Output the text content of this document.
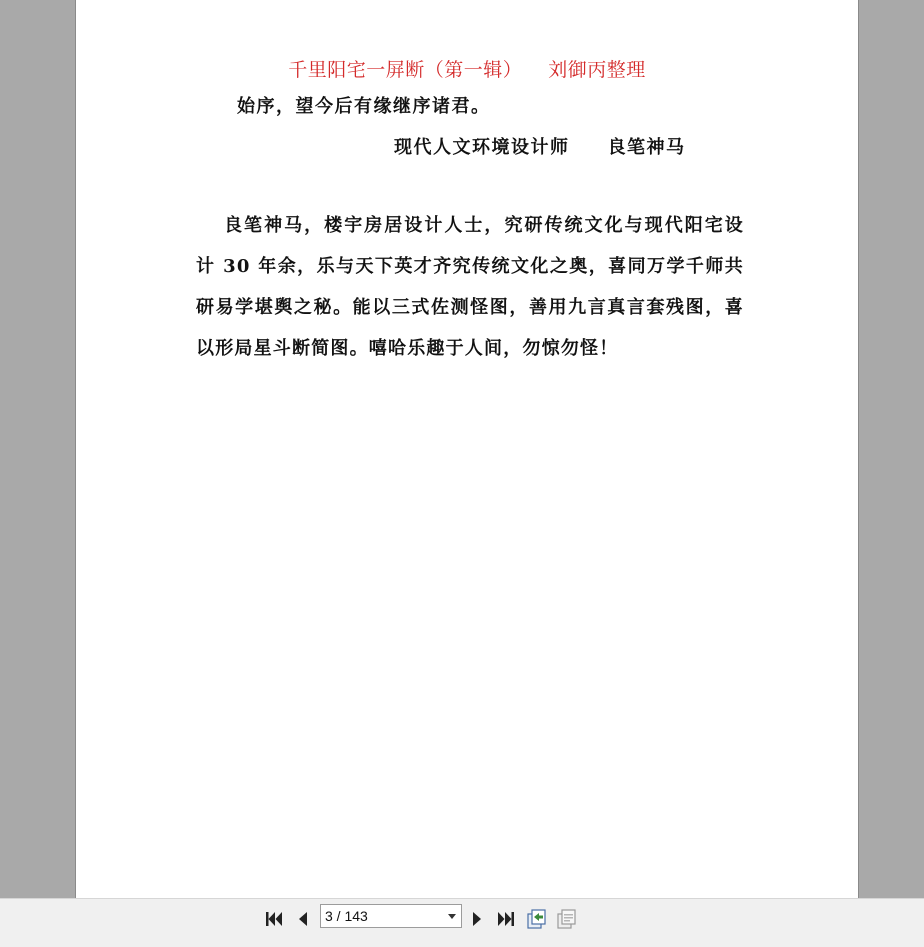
千里阳宅一屏断（第一辑） 刘御丙整理
始序，望今后有缘继序诸君。
现代人文环境设计师 良笔神马
良笔神马，楼宇房居设计人士，究研传统文化与现代阳宅设
计 30 年余，乐与天下英才齐究传统文化之奥，喜同万学千师共
研易学堪舆之秘。能以三式佐测怪图，善用九言真言套残图，喜
以形局星斗断简图。嘻哈乐趣于人间，勿惊勿怪！
3 / 143
